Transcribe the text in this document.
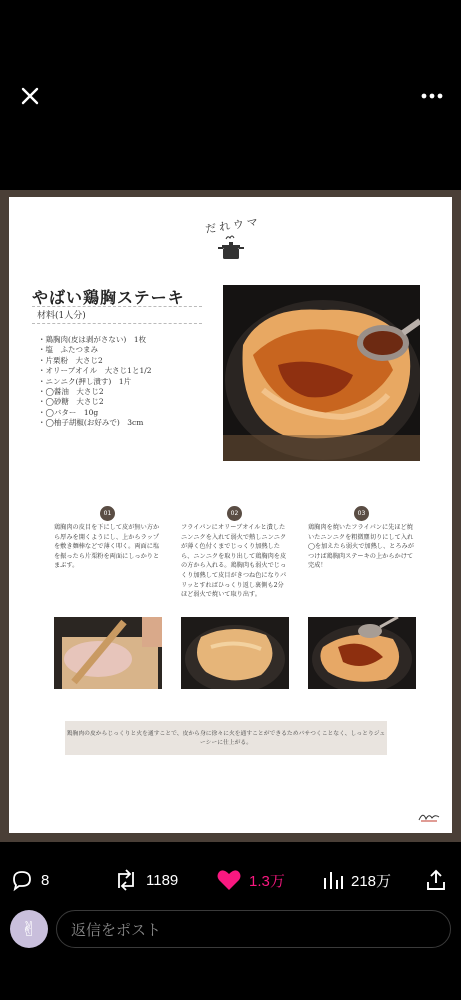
だれウマ
やばい鶏胸ステーキ
材料(1人分)
・鶏胸肉(皮は剥がさない)　1枚
・塩　ふたつまみ
・片栗粉　大さじ2
・オリーブオイル　大さじ1と1/2
・ニンニク(押し潰す)　1片
・◯醤油　大さじ2
・◯砂糖　大さじ2
・◯バター　10g
・◯柚子胡椒(お好みで)　3cm
01	02	03
鶏胸肉の皮目を下にして皮が無い方から厚みを開くようにし、上からラップを敷き麺棒などで薄く叩く。両面に塩を振ったら片栗粉を両面にしっかりとまぶす。
フライパンにオリーブオイルと潰したニンニクを入れて弱火で熱しニンニクが薄く色付くまでじっくり加熱したら、ニンニクを取り出して鶏胸肉を皮の方から入れる。鶏胸肉も弱火でじっくり加熱して皮目がきつね色になりパリッとすればひっくり返し裏側も2分ほど弱火で焼いて取り出す。
鶏胸肉を焼いたフライパンに先ほど焼いたニンニクを粗微塵切りにして入れ◯を加えたら弱火で加熱し、とろみがつけば鶏胸肉ステーキの上からかけて完成！
鶏胸肉の皮からじっくりと火を通すことで、皮から身に徐々に火を通すことができるためパサつくことなく、しっとりジューシーに仕上がる。
8	1189	1.3万	218万
✌ 返信をポスト
